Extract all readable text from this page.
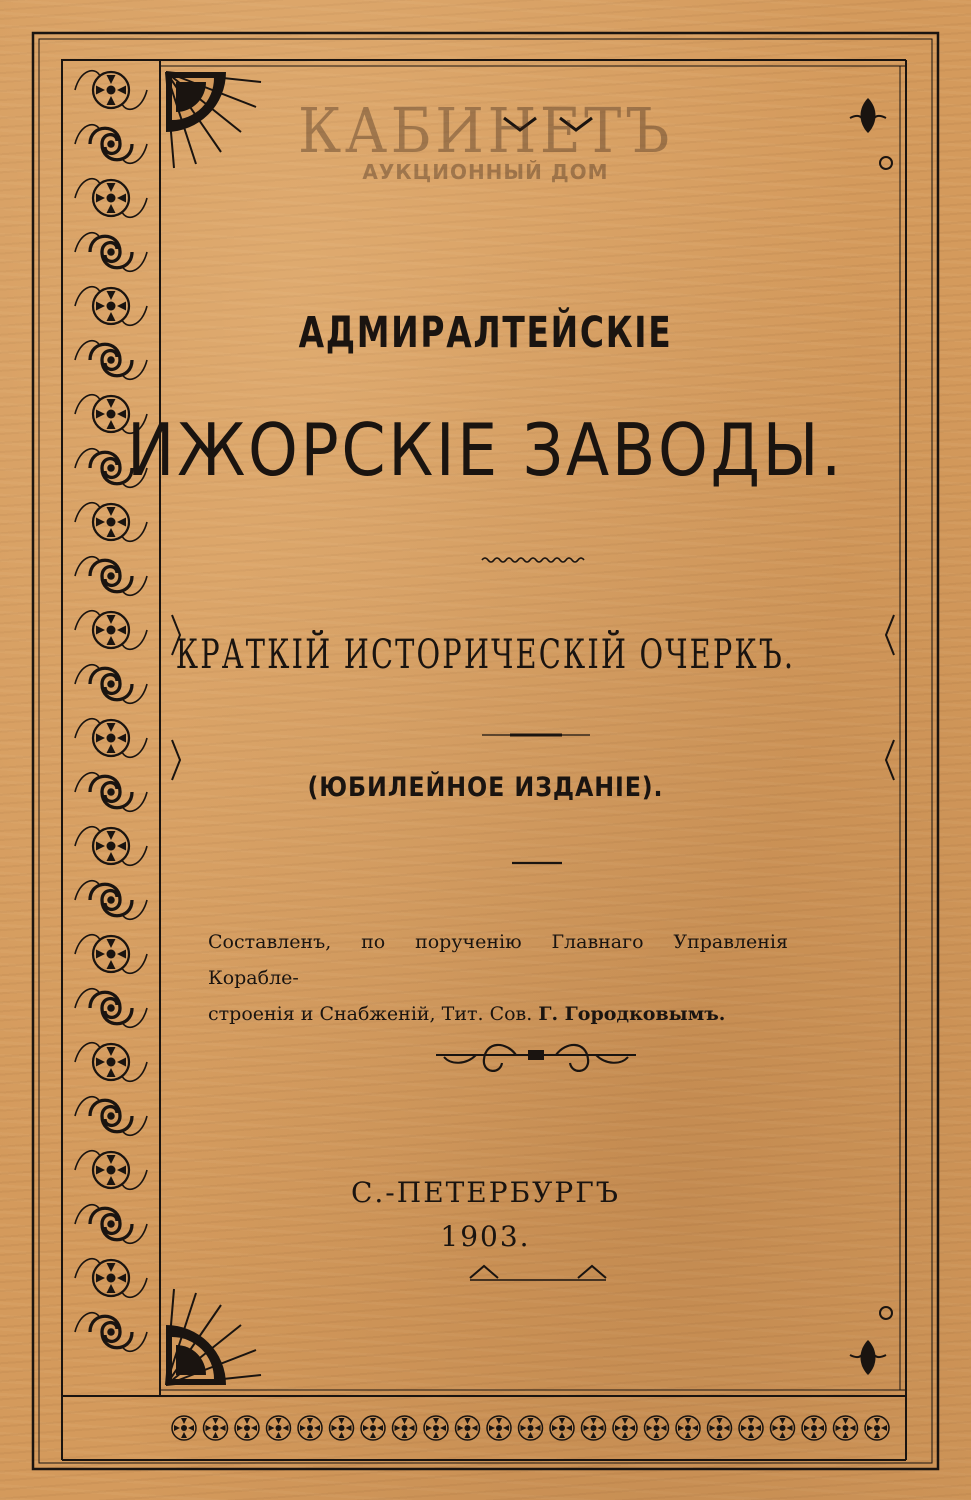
КАБИНЕТЪ
АУКЦИОННЫЙ ДОМ
АДМИРАЛТЕЙСКІЕ
ИЖОРСКІЕ ЗАВОДЫ.
КРАТКІЙ ИСТОРИЧЕСКІЙ ОЧЕРКЪ.
(ЮБИЛЕЙНОЕ ИЗДАНІЕ).
Составленъ, по порученію Главнаго Управленія Корабле-
строенія и Снабженій, Тит. Сов. Г. Городковымъ.
С.-ПЕТЕРБУРГЪ
1903.
